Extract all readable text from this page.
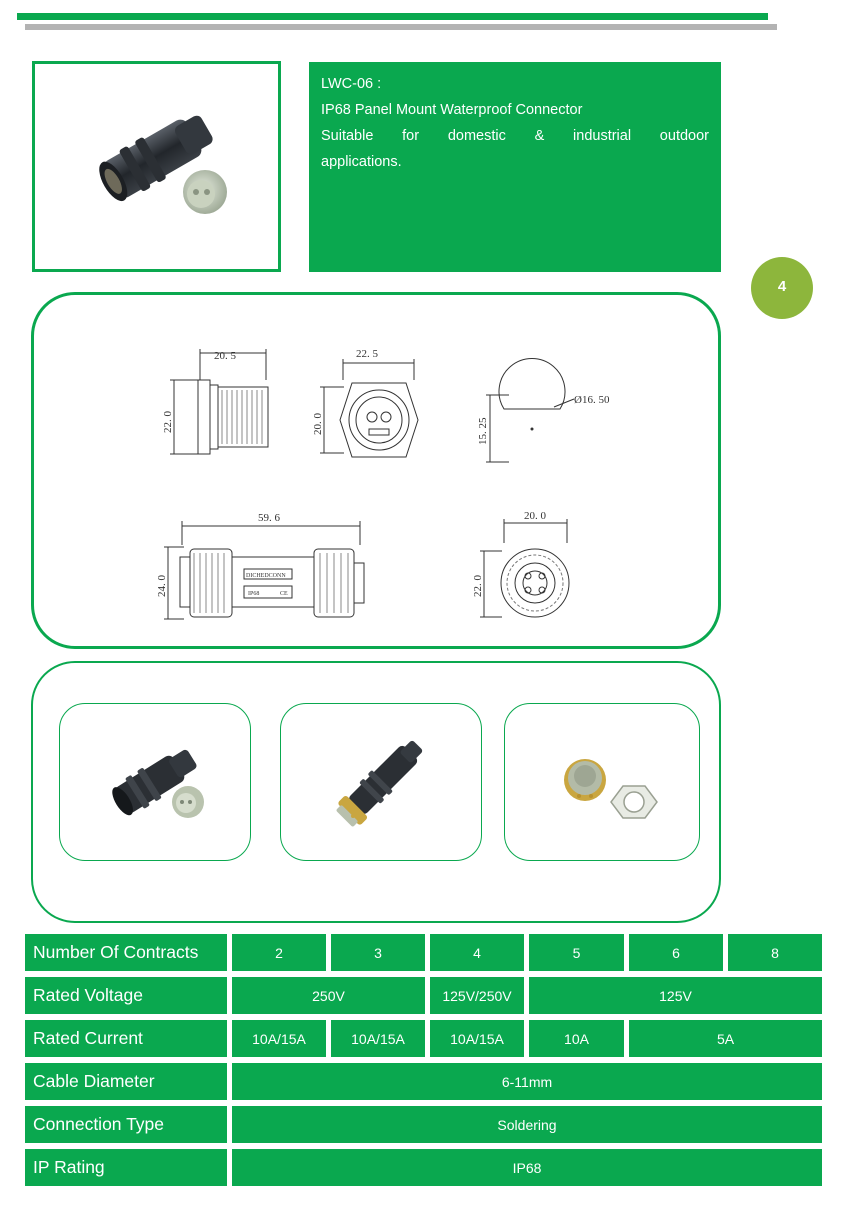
LWC-06 :
IP68 Panel Mount Waterproof Connector
Suitable for domestic & industrial outdoor
applications.
4
20. 5
22. 0
22. 5
20. 0
Ø16. 50
15. 25
59. 6
24. 0	DICHEDCONN
IP68	CE
20. 0
22. 0
Number Of Contracts	2	3	4	5	6	8
Rated Voltage	250V	125V/250V	125V
Rated Current	10A/15A	10A/15A	10A/15A	10A	5A
Cable Diameter	6-11mm
Connection Type	Soldering
IP Rating	IP68
